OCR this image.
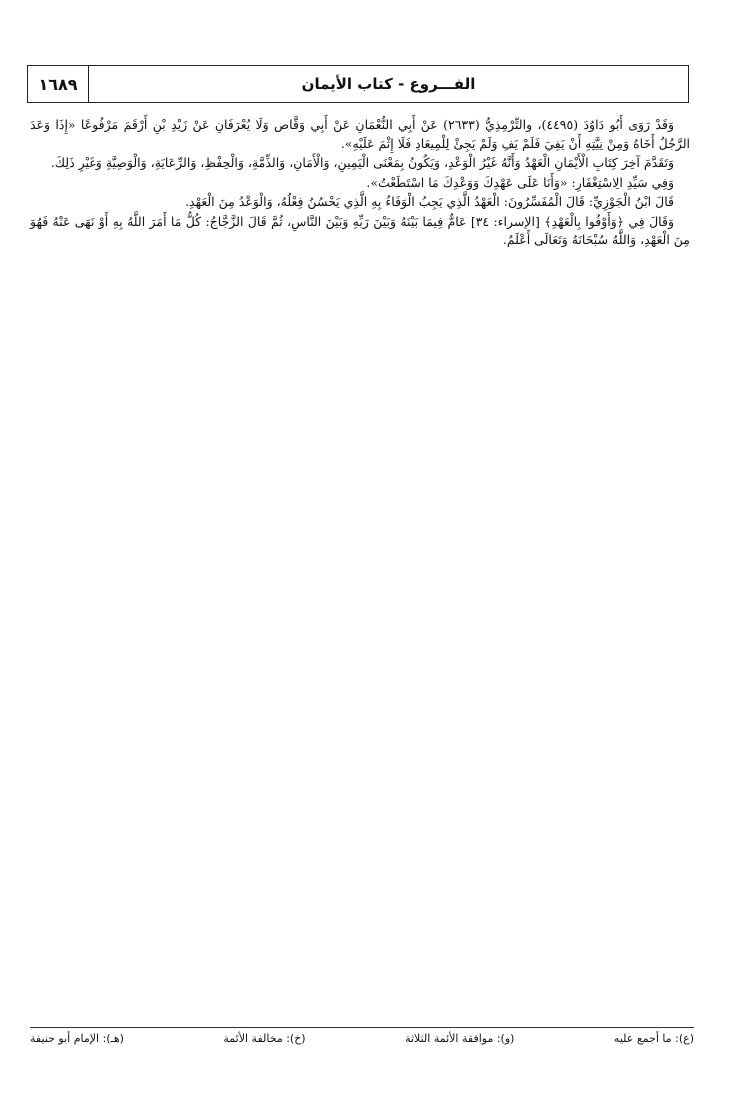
١٦٨٩	الفـــروع - كتاب الأيمان

وَقَدْ رَوَى أَبُو دَاوُدَ (٤٤٩٥)، والتِّرْمِذِيُّ (٢٦٣٣) عَنْ أَبِي النُّعْمَانِ عَنْ أَبِي وَقَّاص وَلَا يُعْرَفَانِ عَنْ زَيْدِ بْنِ أَرْقَمَ مَرْفُوعًا «إِذَا وَعَدَ الرَّجُلُ أَخَاهُ وَمِنْ نِيَّتِهِ أَنْ يَفِيَ فَلَمْ يَفِ وَلَمْ يَجِئْ لِلْمِيعَادِ فَلَا إِثْمَ عَلَيْهِ».

وَتَقَدَّمَ آخِرَ كِتَابِ الْأَيْمَانِ الْعَهْدُ وَأَنَّهُ غَيْرُ الْوَعْدِ، وَيَكُونُ بِمَعْنَى الْيَمِينِ، وَالْأَمَانِ، وَالذِّمَّةِ، وَالْحِفْظِ، وَالرِّعَايَةِ، وَالْوَصِيَّةِ وَغَيْرِ ذَلِكَ.

وَفِي سَيِّدِ الِاسْتِغْفَارِ: «وَأَنَا عَلَى عَهْدِكَ وَوَعْدِكَ مَا اسْتَطَعْتُ».

قَالَ ابْنُ الْجَوْزِيِّ: قَالَ الْمُفَسِّرُونَ: الْعَهْدُ الَّذِي يَجِبُ الْوَفَاءُ بِهِ الَّذِي يَحْسُنُ فِعْلُهُ، وَالْوَعْدُ مِنَ الْعَهْدِ.

وَقَالَ فِي ﴿وَأَوْفُوا بِالْعَهْدِ﴾ [الإسراء: ٣٤] عَامٌّ فِيمَا بَيْنَهُ وَبَيْنَ رَبِّهِ وَبَيْنَ النَّاسِ، ثُمَّ قَالَ الزَّجَّاجُ: كُلُّ مَا أَمَرَ اللَّهُ بِهِ أَوْ نَهَى عَنْهُ فَهُوَ مِنَ الْعَهْدِ، وَاللَّهُ سُبْحَانَهُ وَتَعَالَى أَعْلَمُ.

(ع): ما أجمع عليه
(و): موافقة الأئمة الثلاثة
(خ): مخالفة الأئمة
(هـ): الإمام أبو حنيفة
